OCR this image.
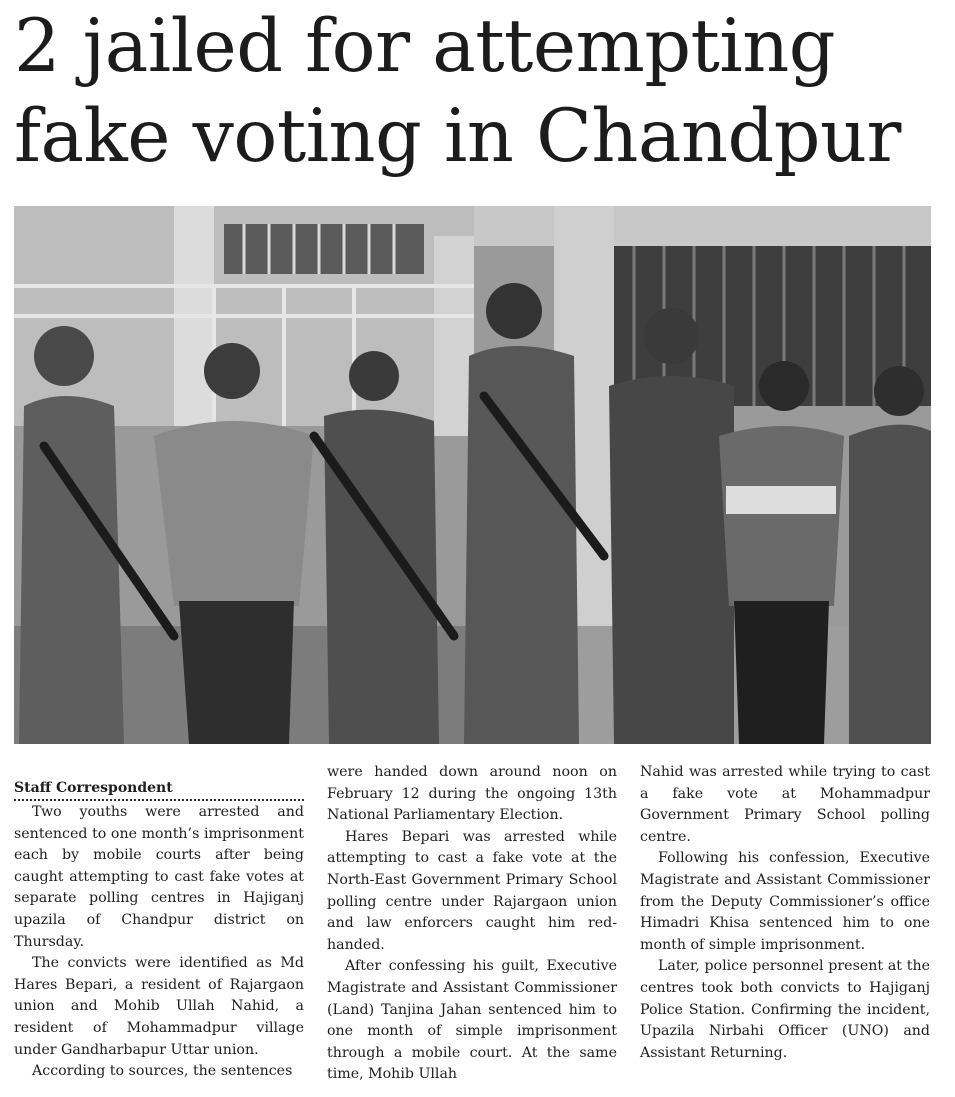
2 jailed for attempting fake voting in Chandpur
Staff Correspondent

Two youths were arrested and sentenced to one month’s imprisonment each by mobile courts after being caught attempting to cast fake votes at separate polling centres in Hajiganj upazila of Chandpur district on Thursday.

The convicts were identified as Md Hares Bepari, a resident of Rajargaon union and Mohib Ullah Nahid, a resident of Mohammadpur village under Gandharbapur Uttar union.

According to sources, the sentences

were handed down around noon on February 12 during the ongoing 13th National Parliamentary Election.

Hares Bepari was arrested while attempting to cast a fake vote at the North-East Government Primary School polling centre under Rajargaon union and law enforcers caught him red-handed.

After confessing his guilt, Executive Magistrate and Assistant Commissioner (Land) Tanjina Jahan sentenced him to one month of simple imprisonment through a mobile court. At the same time, Mohib Ullah

Nahid was arrested while trying to cast a fake vote at Mohammadpur Government Primary School polling centre.

Following his confession, Executive Magistrate and Assistant Commissioner from the Deputy Commissioner’s office Himadri Khisa sentenced him to one month of simple imprisonment.

Later, police personnel present at the centres took both convicts to Hajiganj Police Station. Confirming the incident, Upazila Nirbahi Officer (UNO) and Assistant Returning.
